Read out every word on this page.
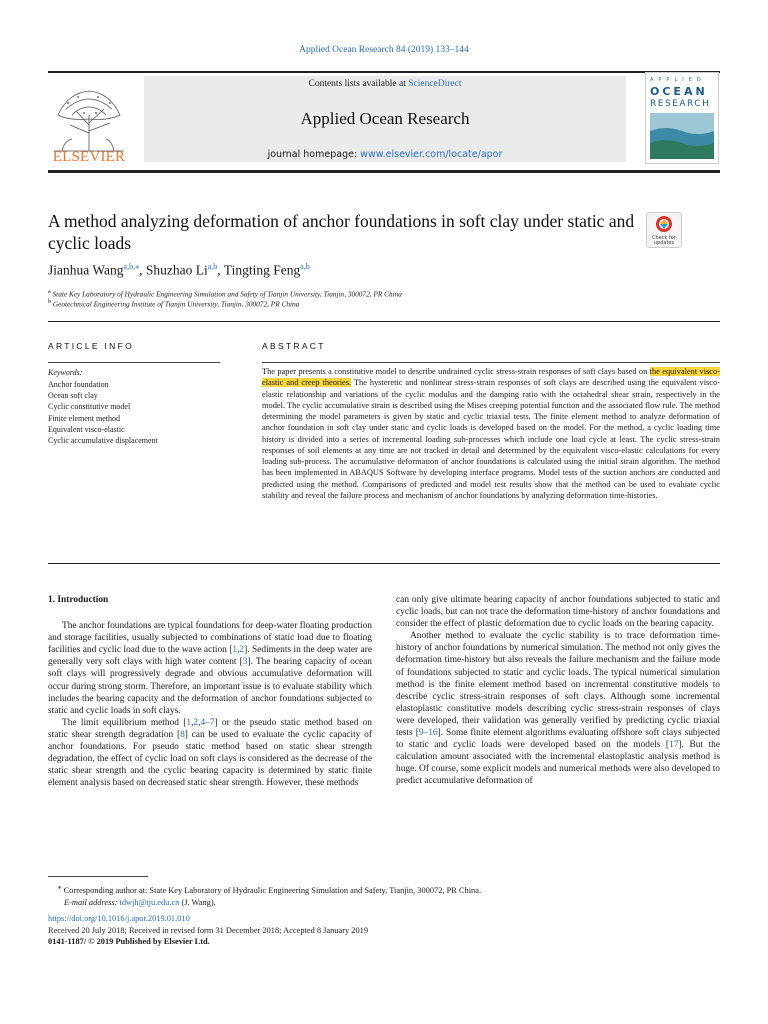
Applied Ocean Research 84 (2019) 133–144
ELSEVIER
Contents lists available at ScienceDirect
Applied Ocean Research
journal homepage: www.elsevier.com/locate/apor
APPLIED
OCEAN
RESEARCH
A method analyzing deformation of anchor foundations in soft clay under static and cyclic loads	Check for
updates
Jianhua Wang$^{a,b,⁎}$, Shuzhao Li$^{a,b}$, Tingting Feng$^{a,b}$
$^a$ State Key Laboratory of Hydraulic Engineering Simulation and Safety of Tianjin University, Tianjin, 300072, PR China
$^b$ Geotechnical Engineering Institute of Tianjin University, Tianjin, 300072, PR China
ARTICLE INFO
Keywords:
Anchor foundation
Ocean soft clay
Cyclic constitutive model
Finite element method
Equivalent visco-elastic
Cyclic accumulative displacement
ABSTRACT
The paper presents a constitutive model to describe undrained cyclic stress-strain responses of soft clays based on the equivalent visco-elastic and creep theories. The hysteretic and nonlinear stress-strain responses of soft clays are described using the equivalent visco-elastic relationship and variations of the cyclic modulus and the damping ratio with the octahedral shear strain, respectively in the model. The cyclic accumulative strain is described using the Mises creeping potential function and the associated flow rule. The method determining the model parameters is given by static and cyclic triaxial tests. The finite element method to analyze deformation of anchor foundation in soft clay under static and cyclic loads is developed based on the model. For the method, a cyclic loading time history is divided into a series of incremental loading sub-processes which include one load cycle at least. The cyclic stress-strain responses of soil elements at any time are not tracked in detail and determined by the equivalent visco-elastic calculations for every loading sub-process. The accumulative deformation of anchor foundations is calculated using the initial strain algorithm. The method has been implemented in ABAQUS Software by developing interface programs. Model tests of the suction anchors are conducted and predicted using the method. Comparisons of predicted and model test results show that the method can be used to evaluate cyclic stability and reveal the failure process and mechanism of anchor foundations by analyzing deformation time-histories.

1. Introduction

The anchor foundations are typical foundations for deep-water floating production and storage facilities, usually subjected to combinations of static load due to floating facilities and cyclic load due to the wave action [1,2]. Sediments in the deep water are generally very soft clays with high water content [3]. The bearing capacity of ocean soft clays will progressively degrade and obvious accumulative deformation will occur during strong storm. Therefore, an important issue is to evaluate stability which includes the bearing capacity and the deformation of anchor foundations subjected to static and cyclic loads in soft clays.

The limit equilibrium method [1,2,4–7] or the pseudo static method based on static shear strength degradation [8] can be used to evaluate the cyclic capacity of anchor foundations. For pseudo static method based on static shear strength degradation, the effect of cyclic load on soft clays is considered as the decrease of the static shear strength and the cyclic bearing capacity is determined by static finite element analysis based on decreased static shear strength. However, these methods

can only give ultimate bearing capacity of anchor foundations subjected to static and cyclic loads, but can not trace the deformation time-history of anchor foundations and consider the effect of plastic deformation due to cyclic loads on the bearing capacity.

Another method to evaluate the cyclic stability is to trace deformation time-history of anchor foundations by numerical simulation. The method not only gives the deformation time-history but also reveals the failure mechanism and the failure mode of foundations subjected to static and cyclic loads. The typical numerical simulation method is the finite element method based on incremental constitutive models to describe cyclic stress-strain responses of soft clays. Although some incremental elastoplastic constitutive models describing cyclic stress-strain responses of clays were developed, their validation was generally verified by predicting cyclic triaxial tests [9–16]. Some finite element algorithms evaluating offshore soft clays subjected to static and cyclic loads were developed based on the models [17]. But the calculation amount associated with the incremental elastoplastic analysis method is huge. Of course, some explicit models and numerical methods were also developed to predict accumulative deformation of

⁎ Corresponding author at: State Key Laboratory of Hydraulic Engineering Simulation and Safety, Tianjin, 300072, PR China.
E-mail address: tdwjh@tju.edu.cn (J. Wang).
https://doi.org/10.1016/j.apor.2019.01.010
Received 20 July 2018; Received in revised form 31 December 2018; Accepted 8 January 2019
0141-1187/ © 2019 Published by Elsevier Ltd.
